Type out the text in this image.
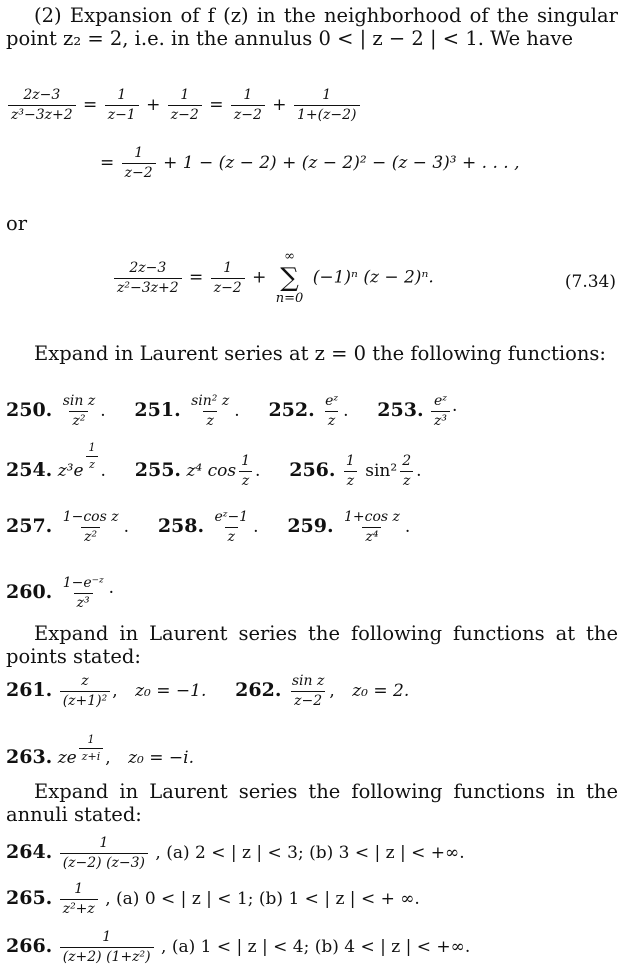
(2) Expansion of f (z) in the neighborhood of the singular point z₂ = 2, i.e. in the annulus 0 < | z − 2 | < 1. We have
$\frac{2z-3}{\text{z³−3z+2}} = \frac{1}{z-1} + \frac{1}{z-2} = \frac{1}{z-2} + \frac{1}{1+(z-2)}$
= $\frac{1}{z-2} + 1 - (z - 2) + (z - 2)^2 - (z - 3)^3$ + . . . ,
or
$\frac{2z-3}{\text{z²−3z+2}} = \frac{1}{z-2}$ +
∞
∑
n=0
(−1)ⁿ (z − 2)ⁿ.	(7.34)
Expand in Laurent series at z = 0 the following functions:
250. $\frac{\text{sin z}}{\text{z²}}$ . 251. $\frac{\text{sin² z}}{z}$ . 252. $\frac{\text{eᶻ}}{z}$ . 253. $\frac{\text{eᶻ}}{\text{z³}}$ ·
254. $z^3e \frac{1}{z}$ . 255. z⁴ $\cos \frac{1}{z}$ . 256. $\frac{1}{z} \sin^2 \frac{2}{z}$ .
257. $\frac{\text{1−cos z}}{\text{z²}}$ . 258. $\frac{\text{eᶻ−1}}{z}$ . 259. $\frac{\text{1+cos z}}{\text{z⁴}}$ .
260. $\frac{\text{1−e⁻ᶻ}}{\text{z³}}$ ·
Expand in Laurent series the following functions at the points stated:
261. $\frac{z}{\text{(z+1)²}}$ , z₀ = −1. 262. $\frac{\text{sin z}}{z-2}$ , z₀ = 2.
263. ze $\frac{1}{z+i}$ , z₀ = −i.
Expand in Laurent series the following functions in the annuli stated:
264. $\frac{1}{(z-2) (z-3)}$ , (a) 2 < | z | < 3; (b) 3 < | z | < +∞.
265. $\frac{1}{\text{z²+z}}$ , (a) 0 < | z | < 1; (b) 1 < | z | < + ∞.
266. $\frac{1}{\text{(z+2) (1+z²)}}$ , (a) 1 < | z | < 4; (b) 4 < | z | < +∞.
